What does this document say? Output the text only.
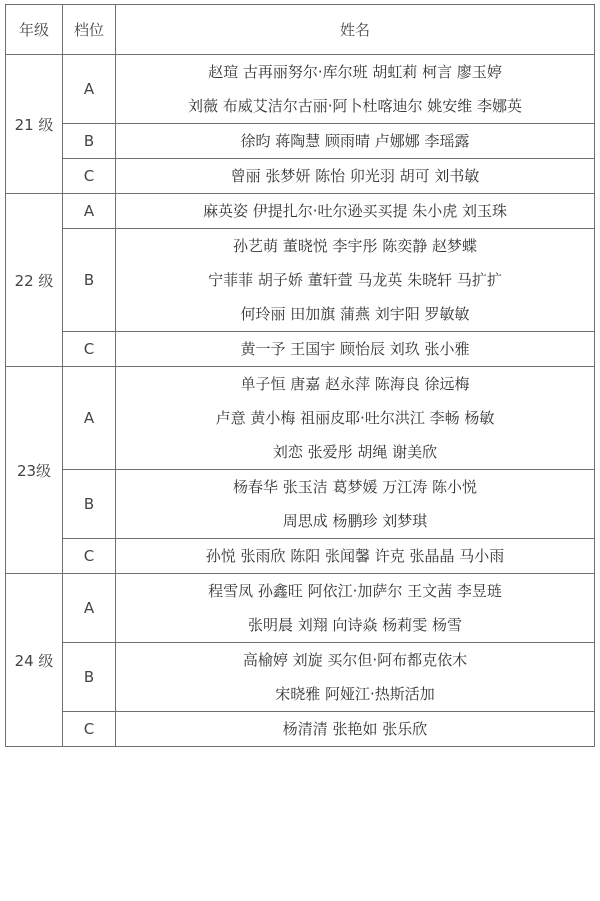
年级	档位	姓名
21 级	A	赵瑄 古再丽努尔·库尔班 胡虹莉 柯言 廖玉婷
刘薇 布威艾洁尔古丽·阿卜杜喀迪尔 姚安维 李娜英

	B	徐昀 蒋陶慧 顾雨晴 卢娜娜 李瑶露

	C	曾丽 张梦妍 陈怡 卯光羽 胡可 刘书敏

22 级	A	麻英姿 伊提扎尔·吐尔逊买买提 朱小虎 刘玉珠

	B	孙艺萌 董晓悦 李宇彤 陈奕静 赵梦蝶
宁菲菲 胡子娇 董轩萱 马龙英 朱晓轩 马扩扩
何玲丽 田加旗 蒲燕 刘宇阳 罗敏敏

	C	黄一予 王国宇 顾怡辰 刘玖 张小雅

23级	A	单子恒 唐嘉 赵永萍 陈海良 徐远梅
卢意 黄小梅 祖丽皮耶·吐尔洪江 李畅 杨敏
刘恋 张爱彤 胡绳 谢美欣

	B	杨春华 张玉洁 葛梦媛 万江涛 陈小悦
周思成 杨鹏珍 刘梦琪

	C	孙悦 张雨欣 陈阳 张闻馨 许克 张晶晶 马小雨

24 级	A	程雪凤 孙鑫旺 阿依江·加萨尔 王文茜 李昱琏
张明晨 刘翔 向诗焱 杨莉雯 杨雪

	B	高榆婷 刘旋 买尔但·阿布都克依木
宋晓雅 阿娅江·热斯活加

	C	杨清清 张艳如 张乐欣
